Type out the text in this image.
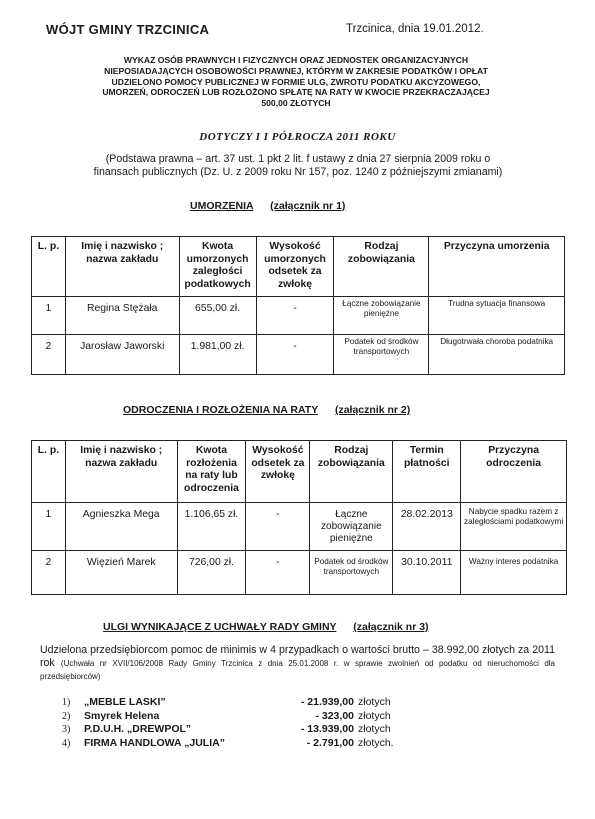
WÓJT GMINY TRZCINICA	Trzcinica, dnia 19.01.2012.
WYKAZ OSÓB PRAWNYCH I FIZYCZNYCH ORAZ JEDNOSTEK ORGANIZACYJNYCH
NIEPOSIADAJĄCYCH OSOBOWOŚCI PRAWNEJ, KTÓRYM W ZAKRESIE PODATKÓW I OPŁAT
UDZIELONO POMOCY PUBLICZNEJ W FORMIE ULG, ZWROTU PODATKU AKCYZOWEGO,
UMORZEŃ, ODROCZEŃ LUB ROZŁOŻONO SPŁATĘ NA RATY W KWOCIE PRZEKRACZAJĄCEJ
500,00 ZŁOTYCH
DOTYCZY I I PÓŁROCZA 2011 ROKU
(Podstawa prawna – art. 37 ust. 1 pkt 2 lit. f ustawy z dnia 27 sierpnia 2009 roku o
finansach publicznych (Dz. U. z 2009 roku Nr 157, poz. 1240 z późniejszymi zmianami)
UMORZENIA (załącznik nr 1)
L. p.	Imię i nazwisko ; nazwa zakładu	Kwota umorzonych zaległości podatkowych	Wysokość umorzonych odsetek za zwłokę	Rodzaj zobowiązania	Przyczyna umorzenia
1	Regina Stężała	655,00 zł.	-	Łączne zobowiązanie pieniężne	Trudna sytuacja finansowa
2	Jarosław Jaworski	1.981,00 zł.	-	Podatek od środków transportowych	Długotrwała choroba podatnika
ODROCZENIA I ROZŁOŻENIA NA RATY (załącznik nr 2)
L. p.	Imię i nazwisko ; nazwa zakładu	Kwota rozłożenia na raty lub odroczenia	Wysokość odsetek za zwłokę	Rodzaj zobowiązania	Termin płatności	Przyczyna odroczenia
1	Agnieszka Mega	1.106,65 zł.	-	Łączne zobowiązanie pieniężne	28.02.2013	Nabycie spadku razem z zaległościami podatkowymi
2	Więzień Marek	726,00 zł.	-	Podatek od środków transportowych	30.10.2011	Ważny interes podatnika
ULGI WYNIKAJĄCE Z UCHWAŁY RADY GMINY (załącznik nr 3)
Udzielona przedsiębiorcom pomoc de minimis w 4 przypadkach o wartości brutto – 38.992,00 złotych za 2011 rok (Uchwała nr XVII/106/2008 Rady Gminy Trzcinica z dnia 25.01.2008 r. w sprawie zwolnień od podatku od nieruchomości dla przedsiębiorców)
1)	„MEBLE LASKI”	- 21.939,00 złotych
2)	Smyrek Helena	- 323,00 złotych
3)	P.D.U.H. „DREWPOL”	- 13.939,00 złotych
4)	FIRMA HANDLOWA „JULIA”	- 2.791,00 złotych.
